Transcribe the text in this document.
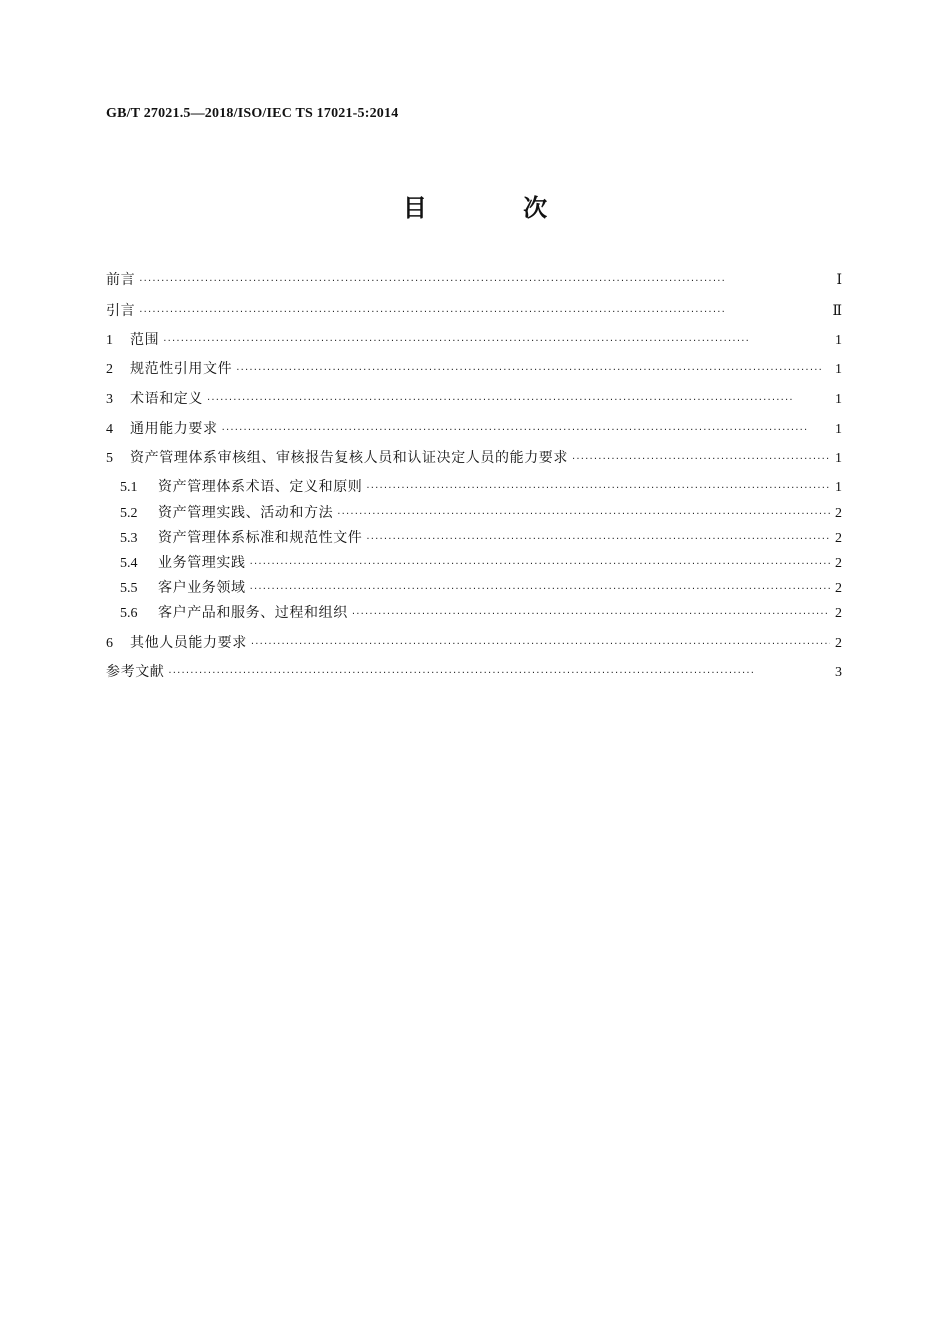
GB/T 27021.5—2018/ISO/IEC TS 17021-5:2014
目 次
前言 ·····	Ⅰ
引言 ·····	Ⅱ
1	范围 ·····	1
2	规范性引用文件 ·····	1
3	术语和定义 ·····	1
4	通用能力要求 ·····	1
5	资产管理体系审核组、审核报告复核人员和认证决定人员的能力要求 ·····	1
5.1	资产管理体系术语、定义和原则 ·····	1
5.2	资产管理实践、活动和方法 ·····	2
5.3	资产管理体系标准和规范性文件 ·····	2
5.4	业务管理实践 ·····	2
5.5	客户业务领域 ·····	2
5.6	客户产品和服务、过程和组织 ·····	2
6	其他人员能力要求 ·····	2
参考文献 ·····	3
